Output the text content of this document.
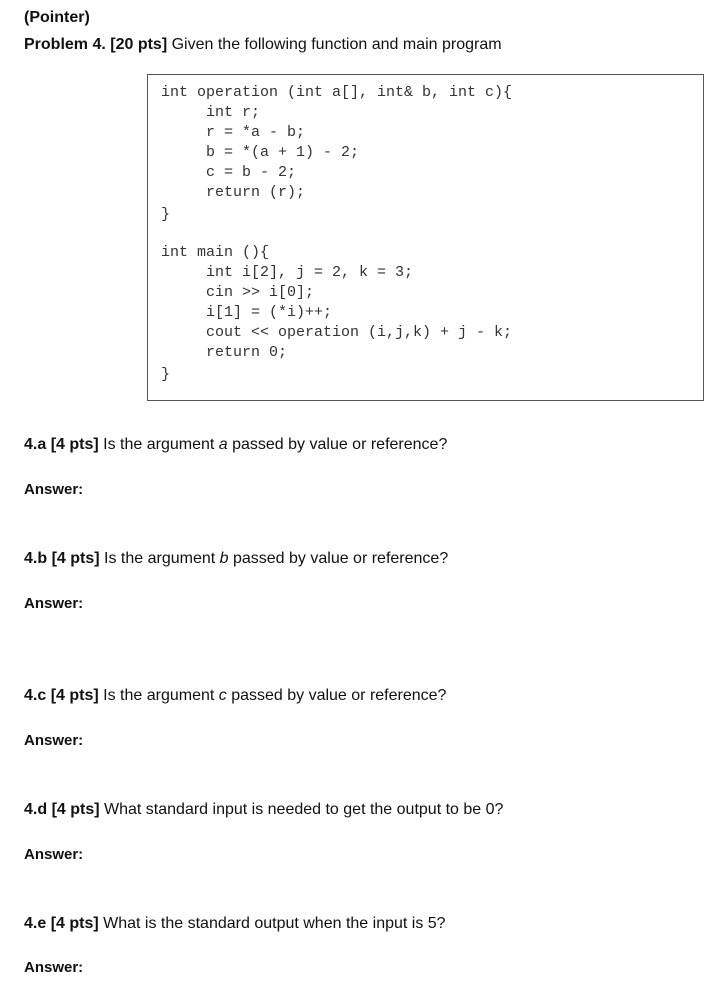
(Pointer)
Problem 4. [20 pts] Given the following function and main program
int operation (int a[], int& b, int c){
int r;
r = *a - b;
b = *(a + 1) - 2;
c = b - 2;
return (r);
}
int main (){
int i[2], j = 2, k = 3;
cin >> i[0];
i[1] = (*i)++;
cout << operation (i,j,k) + j - k;
return 0;
}
4.a [4 pts] Is the argument a passed by value or reference?
Answer:
4.b [4 pts] Is the argument b passed by value or reference?
Answer:
4.c [4 pts] Is the argument c passed by value or reference?
Answer:
4.d [4 pts] What standard input is needed to get the output to be 0?
Answer:
4.e [4 pts] What is the standard output when the input is 5?
Answer:
